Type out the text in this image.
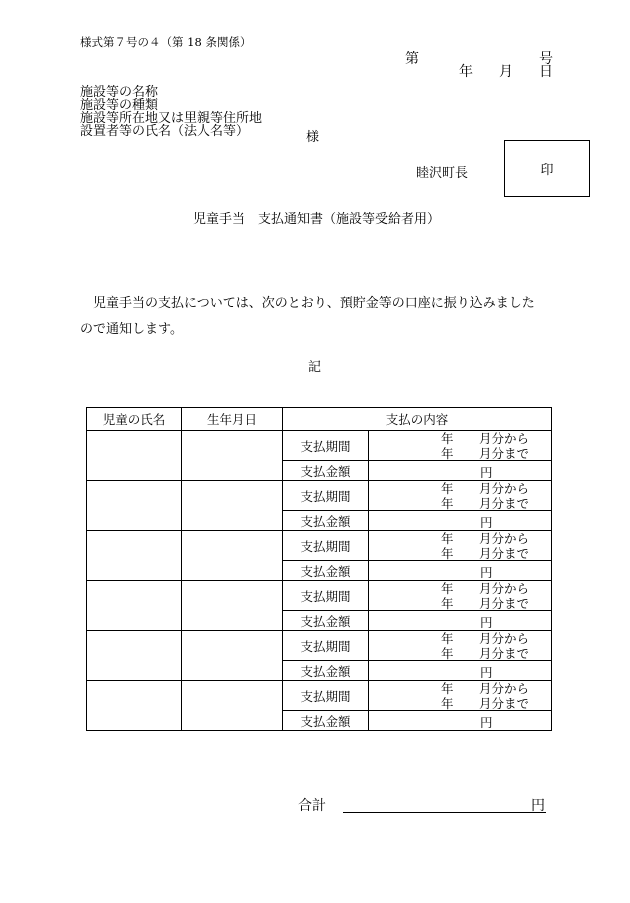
様式第７号の４（第 18 条関係）
第	号
年 月 日
施設等の名称
施設等の種類
施設等所在地又は里親等住所地
設置者等の氏名（法人名等）	様
睦沢町長	印
児童手当　支払通知書（施設等受給者用）
児童手当の支払については、次のとおり、預貯金等の口座に振り込みました
ので通知します。
記
児童の氏名	生年月日	支払の内容	
		支払期間	年 月分から
年 月分まで

		支払金額	円

		支払期間	年 月分から
年 月分まで

		支払金額	円

		支払期間	年 月分から
年 月分まで

		支払金額	円

		支払期間	年 月分から
年 月分まで

		支払金額	円

		支払期間	年 月分から
年 月分まで

		支払金額	円

		支払期間	年 月分から
年 月分まで

		支払金額	円
合計	円
